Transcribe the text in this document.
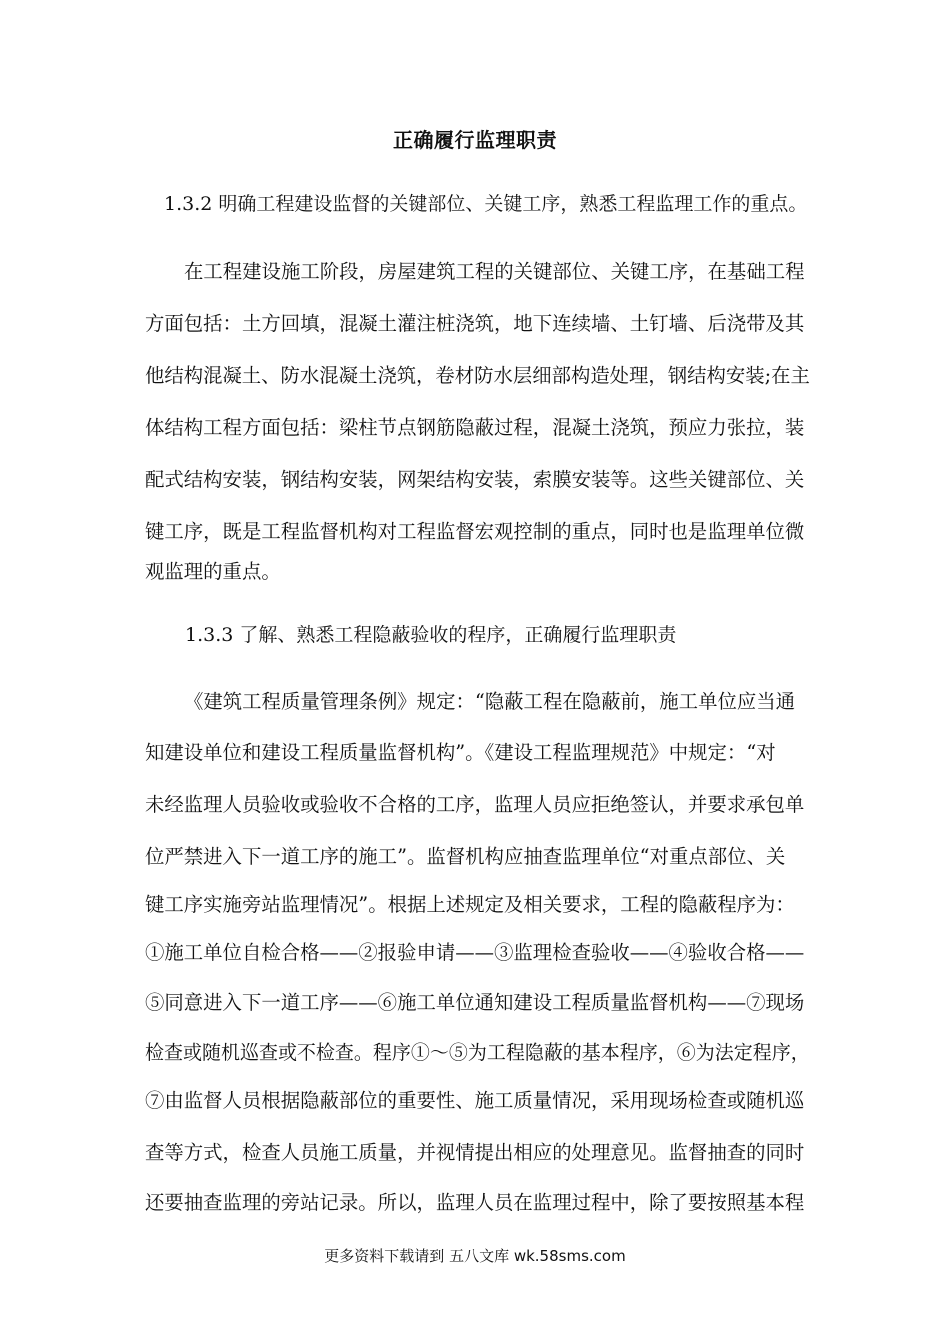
正确履行监理职责
1.3.2 明确工程建设监督的关键部位、关键工序，熟悉工程监理工作的重点。
在工程建设施工阶段，房屋建筑工程的关键部位、关键工序，在基础工程
方面包括：土方回填，混凝土灌注桩浇筑，地下连续墙、土钉墙、后浇带及其
他结构混凝土、防水混凝土浇筑，卷材防水层细部构造处理，钢结构安装;在主
体结构工程方面包括：梁柱节点钢筋隐蔽过程，混凝土浇筑，预应力张拉，装
配式结构安装，钢结构安装，网架结构安装，索膜安装等。这些关键部位、关
键工序，既是工程监督机构对工程监督宏观控制的重点，同时也是监理单位微
观监理的重点。
1.3.3 了解、熟悉工程隐蔽验收的程序，正确履行监理职责
《建筑工程质量管理条例》规定：“隐蔽工程在隐蔽前，施工单位应当通
知建设单位和建设工程质量监督机构”。《建设工程监理规范》中规定：“对
未经监理人员验收或验收不合格的工序，监理人员应拒绝签认，并要求承包单
位严禁进入下一道工序的施工”。监督机构应抽查监理单位“对重点部位、关
键工序实施旁站监理情况”。根据上述规定及相关要求，工程的隐蔽程序为：
①施工单位自检合格——②报验申请——③监理检查验收——④验收合格——
⑤同意进入下一道工序——⑥施工单位通知建设工程质量监督机构——⑦现场
检查或随机巡查或不检查。程序①～⑤为工程隐蔽的基本程序，⑥为法定程序，
⑦由监督人员根据隐蔽部位的重要性、施工质量情况，采用现场检查或随机巡
查等方式，检查人员施工质量，并视情提出相应的处理意见。监督抽查的同时
还要抽查监理的旁站记录。所以，监理人员在监理过程中，除了要按照基本程
更多资料下载请到 五八文库 wk.58sms.com
